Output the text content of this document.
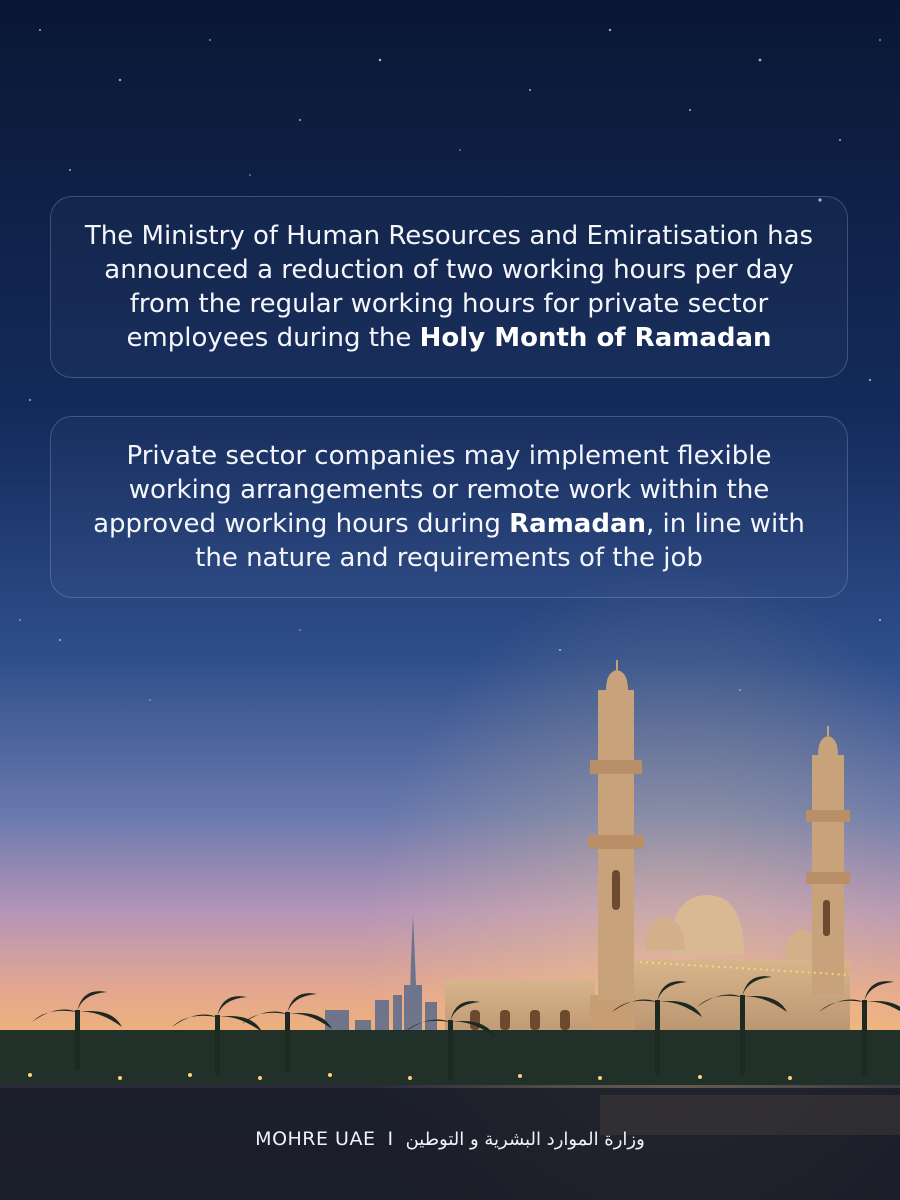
The Ministry of Human Resources and Emiratisation has announced a reduction of two working hours per day from the regular working hours for private sector employees during the Holy Month of Ramadan

Private sector companies may implement flexible working arrangements or remote work within the approved working hours during Ramadan, in line with the nature and requirements of the job

MOHRE UAE I وزارة الموارد البشرية و التوطين
